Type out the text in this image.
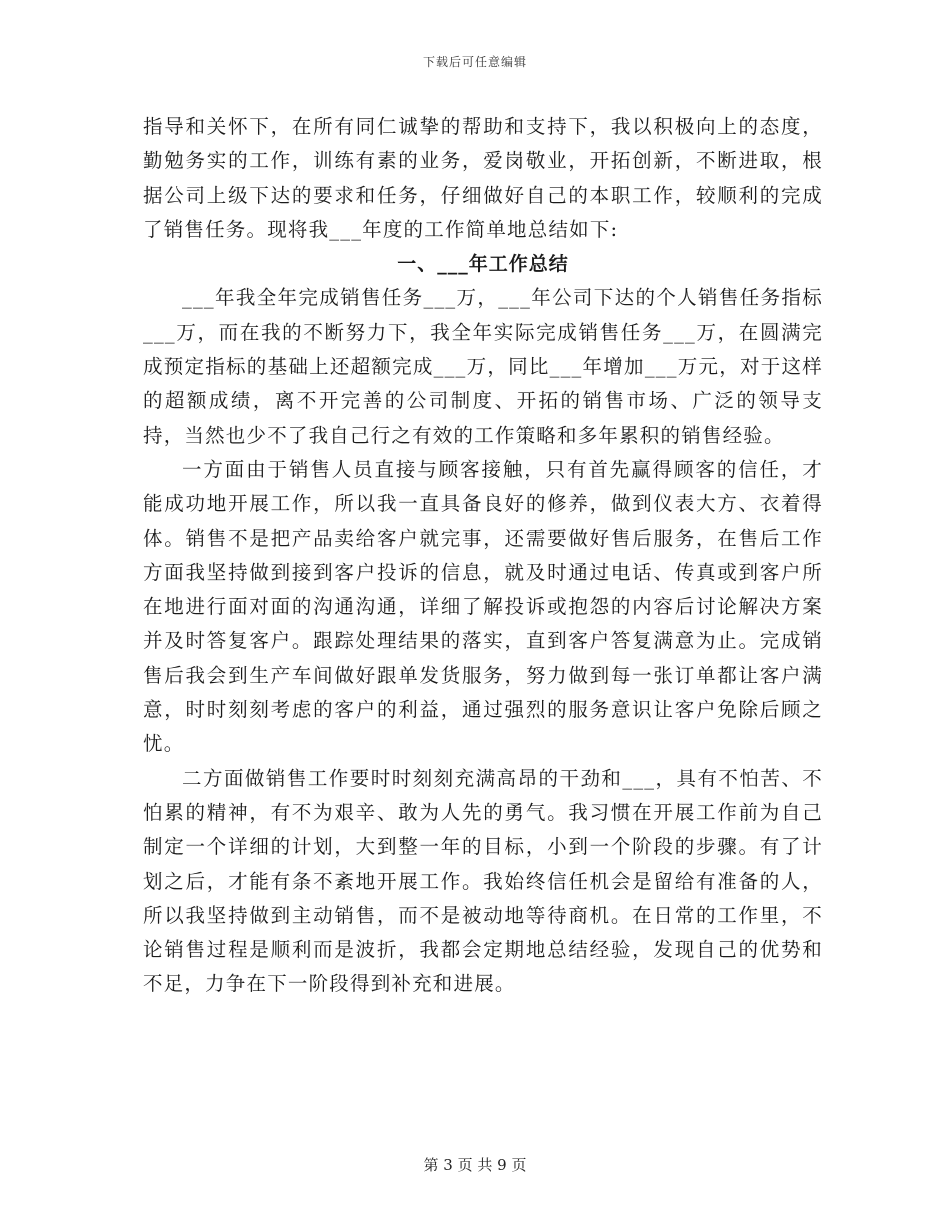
下载后可任意编辑

指导和关怀下，在所有同仁诚挚的帮助和支持下，我以积极向上的态度，勤勉务实的工作，训练有素的业务，爱岗敬业，开拓创新，不断进取，根据公司上级下达的要求和任务，仔细做好自己的本职工作，较顺利的完成了销售任务。现将我___年度的工作简单地总结如下:

一、___年工作总结

___年我全年完成销售任务___万，___年公司下达的个人销售任务指标___万，而在我的不断努力下，我全年实际完成销售任务___万，在圆满完成预定指标的基础上还超额完成___万，同比___年增加___万元，对于这样的超额成绩，离不开完善的公司制度、开拓的销售市场、广泛的领导支持，当然也少不了我自己行之有效的工作策略和多年累积的销售经验。

一方面由于销售人员直接与顾客接触，只有首先赢得顾客的信任，才能成功地开展工作，所以我一直具备良好的修养，做到仪表大方、衣着得体。销售不是把产品卖给客户就完事，还需要做好售后服务，在售后工作方面我坚持做到接到客户投诉的信息，就及时通过电话、传真或到客户所在地进行面对面的沟通沟通，详细了解投诉或抱怨的内容后讨论解决方案并及时答复客户。跟踪处理结果的落实，直到客户答复满意为止。完成销售后我会到生产车间做好跟单发货服务，努力做到每一张订单都让客户满意，时时刻刻考虑的客户的利益，通过强烈的服务意识让客户免除后顾之忧。

二方面做销售工作要时时刻刻充满高昂的干劲和___，具有不怕苦、不怕累的精神，有不为艰辛、敢为人先的勇气。我习惯在开展工作前为自己制定一个详细的计划，大到整一年的目标，小到一个阶段的步骤。有了计划之后，才能有条不紊地开展工作。我始终信任机会是留给有准备的人，所以我坚持做到主动销售，而不是被动地等待商机。在日常的工作里，不论销售过程是顺利而是波折，我都会定期地总结经验，发现自己的优势和不足，力争在下一阶段得到补充和进展。

第 3 页 共 9 页
